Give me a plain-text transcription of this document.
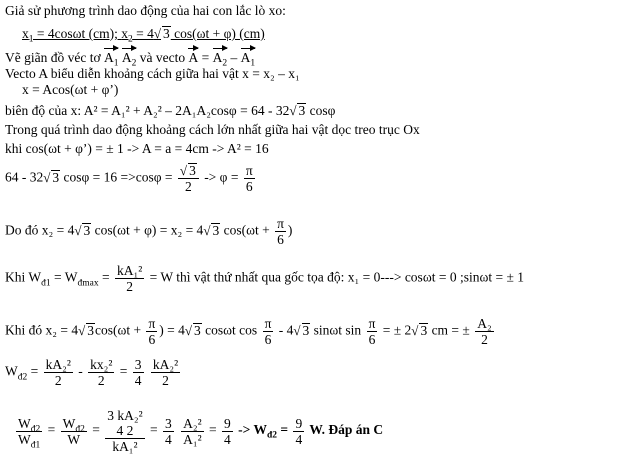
Giả sử phương trình dao động của hai con lắc lò xo:
$x_1 = 4\cos\omega t$ (cm); $x_2 = 4√$ 3 cos(ωt + φ) (cm)
Vẽ giãn đồ véc tơ $A_1$ $A_2$ và vecto $A = A_2 - A_1$
Vecto A biểu diễn khoảng cách giữa hai vật x = x₂ – x₁
x = Acos(ωt + φ’)
biên độ của x: A² = A₁² + A₂² – 2A₁A₂cosφ = 64 - 32√ 3 cosφ
Trong quá trình dao động khoảng cách lớn nhất giữa hai vật dọc treo trục Ox
khi cos(ωt + φ’) = ± 1 -> A = a = 4cm -> A² = 16
64 - 32√ 3 cosφ = 16 =>cosφ =
√ $\frac{3}{2} -> \varphi = \frac{\pi}{6}$
Do đó x₂ = 4√ 3 cos(ωt + φ) = x₂ = 4√ 3 $\cos(\omega t + \frac{\pi}{6}$ )
Khi $W_{đ1} = W_{đmax} = \frac{\text{kA₁²}}{2} = W$ thì vật thứ nhất qua gốc tọa độ: x₁ = 0---> cosωt = 0 ;sinωt = ± 1
Khi đó x₂ = 4√ $3\cos(\omega t + \frac{\pi}{6}$ ) = 4√ 3 cosωt $\cos \frac{\pi}{6} - 4√$ 3 sinωt $\sin \frac{\pi}{6}$ = ± 2√ 3 cm = ± $\frac{\text{A₂}}{2}$
$W_{đ2} = \frac{\text{kA₂²}}{2} - \frac{\text{kx₂²}}{2} = \frac{3}{4}$
$\frac{\text{kA₂²}}{2}$
$\frac{W_{đ2}}{W_{đ1}} = \frac{W_{đ2}}{W} = 3$ kA₂²
4 2
$kA_1^2 = \frac{3}{4}$
$\frac{\text{A₂²}}{\text{A₁²}} = \frac{9}{4} -> W_{đ2} = \frac{9}{4} W$. Đáp án C
